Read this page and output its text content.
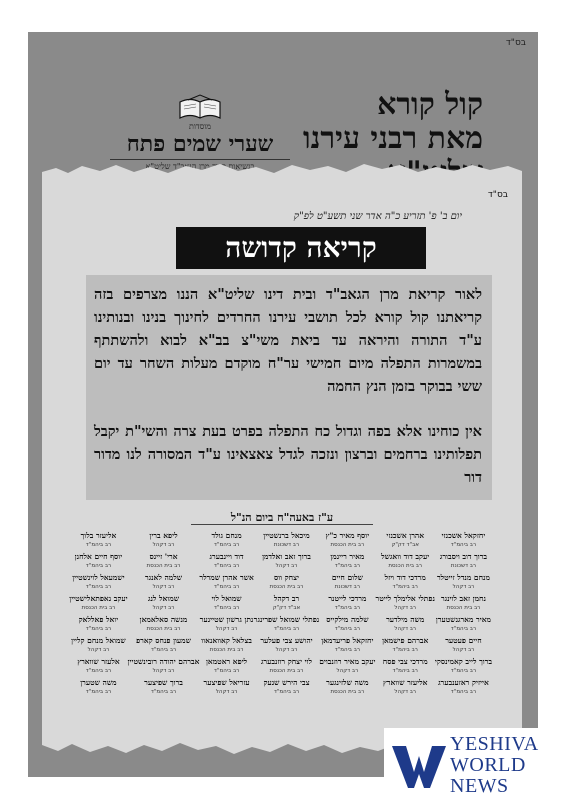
בס"ד
קול קורא
מאת רבני עירנו
מוסדות
שערי שמים פתח
בנשיאות כבוד מרן הגאב"ד שליט"א
בס"ד
יום ב' פ' תזריע כ"ה אדר שני תשע"ט לפ"ק
קריאה קדושה
לאור קריאת מרן הגאב"ד ובית דינו שליט"א הננו מצרפים בזה קריאתנו קול קורא לכל תושבי עירנו החרדים לחינוך בנינו ובנותינו ע"ד התורה והיראה עד ביאת משי"צ בב"א לבוא ולהשתתף במשמרות התפלה מיום חמישי ער"ח מוקדם מעלות השחר עד יום ששי בבוקר בזמן הנץ החמה
אין כוחינו אלא בפה וגדול כח התפלה בפרט בעת צרה והשי"ת יקבל תפלותינו ברחמים וברצון ונזכה לגדל צאצאינו ע"ד המסורה לנו מדור דור
ע"ז באעה"ח ביום הנ"ל
יחזקאל אשכנזי
רב ביהמ"ד
אהרן אשכנזי
אב"ד דק"ק
יוסף מאיר כ"ץ
רב בית הכנסת
מיכאל ברנשטיין
רב דשכונת
מנחם גולד
רב ביהמ"ד
ליפא ברין
רב דקהל
אליעזר בלוך
רב ביהמ"ד
ברוך דוב ויסבורג
רב דשכונת
יעקב דוד וואגשל
רב בית הכנסת
מאיר ריינמן
רב ביהמ"ד
ברוך זאב ואלדמן
רב דקהל
דוד ויינבערג
רב ביהמ"ד
ארי' זיינס
רב בית הכנסת
יוסף חיים אלחנן
רב ביהמ"ד
מנחם מנדל זייטלר
רב דקהל
מרדכי דוד ויזל
רב ביהמ"ד
שלום חיים
רב דשכונת
יצחק ווס
רב בית הכנסת
אשר אהרן שמרלר
רב ביהמ"ד
שלמה לאנגר
רב דקהל
ישמעאל לוינשטיין
רב ביהמ"ד
נחמן זאב לוינגר
רב בית הכנסת
נפתלי אלימלך לייטר
רב דקהל
מרדכי לייטנר
רב ביהמ"ד
רב דקהל
אב"ד דק"ק
שמואל לוי
רב ביהמ"ד
שמואל לנג
רב דקהל
יעקב נאפתאלישטיין
רב בית הכנסת
מאיר מארגנשטערן
רב ביהמ"ד
משה מילדער
רב דקהל
שלמה מילקייס
רב ביהמ"ד
נפתלי שמואל שפרינגר
רב ביהמ"ד
נתן גרשון שטיינער
רב דקהל
מנשה סאלאמאן
רב בית הכנסת
יואל פאללאק
רב ביהמ"ד
חיים פעטער
רב דקהל
אברהם פישמאן
רב ביהמ"ד
יחזקאל פריעדמאן
רב ביהמ"ד
יהושע צבי פעלער
רב דקהל
בצלאל קאוואנאוו
רב בית הכנסת
שמעון פנחס קארפ
רב ביהמ"ד
שמואל מנחם קליין
רב דקהל
ברוך לייב קאמינסקי
רב ביהמ"ד
מרדכי צבי פסח
רב ביהמ"ד
יעקב מאיר רוזנבוים
רב דקהל
לוי יצחק רוזנבערג
רב בית הכנסת
ליפא ראטמאן
רב ביהמ"ד
אברהם יהודה רובינשטיין
רב דקהל
אלעזר שווארץ
רב ביהמ"ד
אייזיק ראזענבערג
רב ביהמ"ד
אליעזר שווארץ
רב דקהל
משה שלזינגער
רב בית הכנסת
צבי הירש שנעק
רב ביהמ"ד
עזריאל שפיצער
רב דקהל
ברוך שפיצער
רב ביהמ"ד
משה שטערן
רב ביהמ"ד
YESHIVA
WORLD
NEWS
